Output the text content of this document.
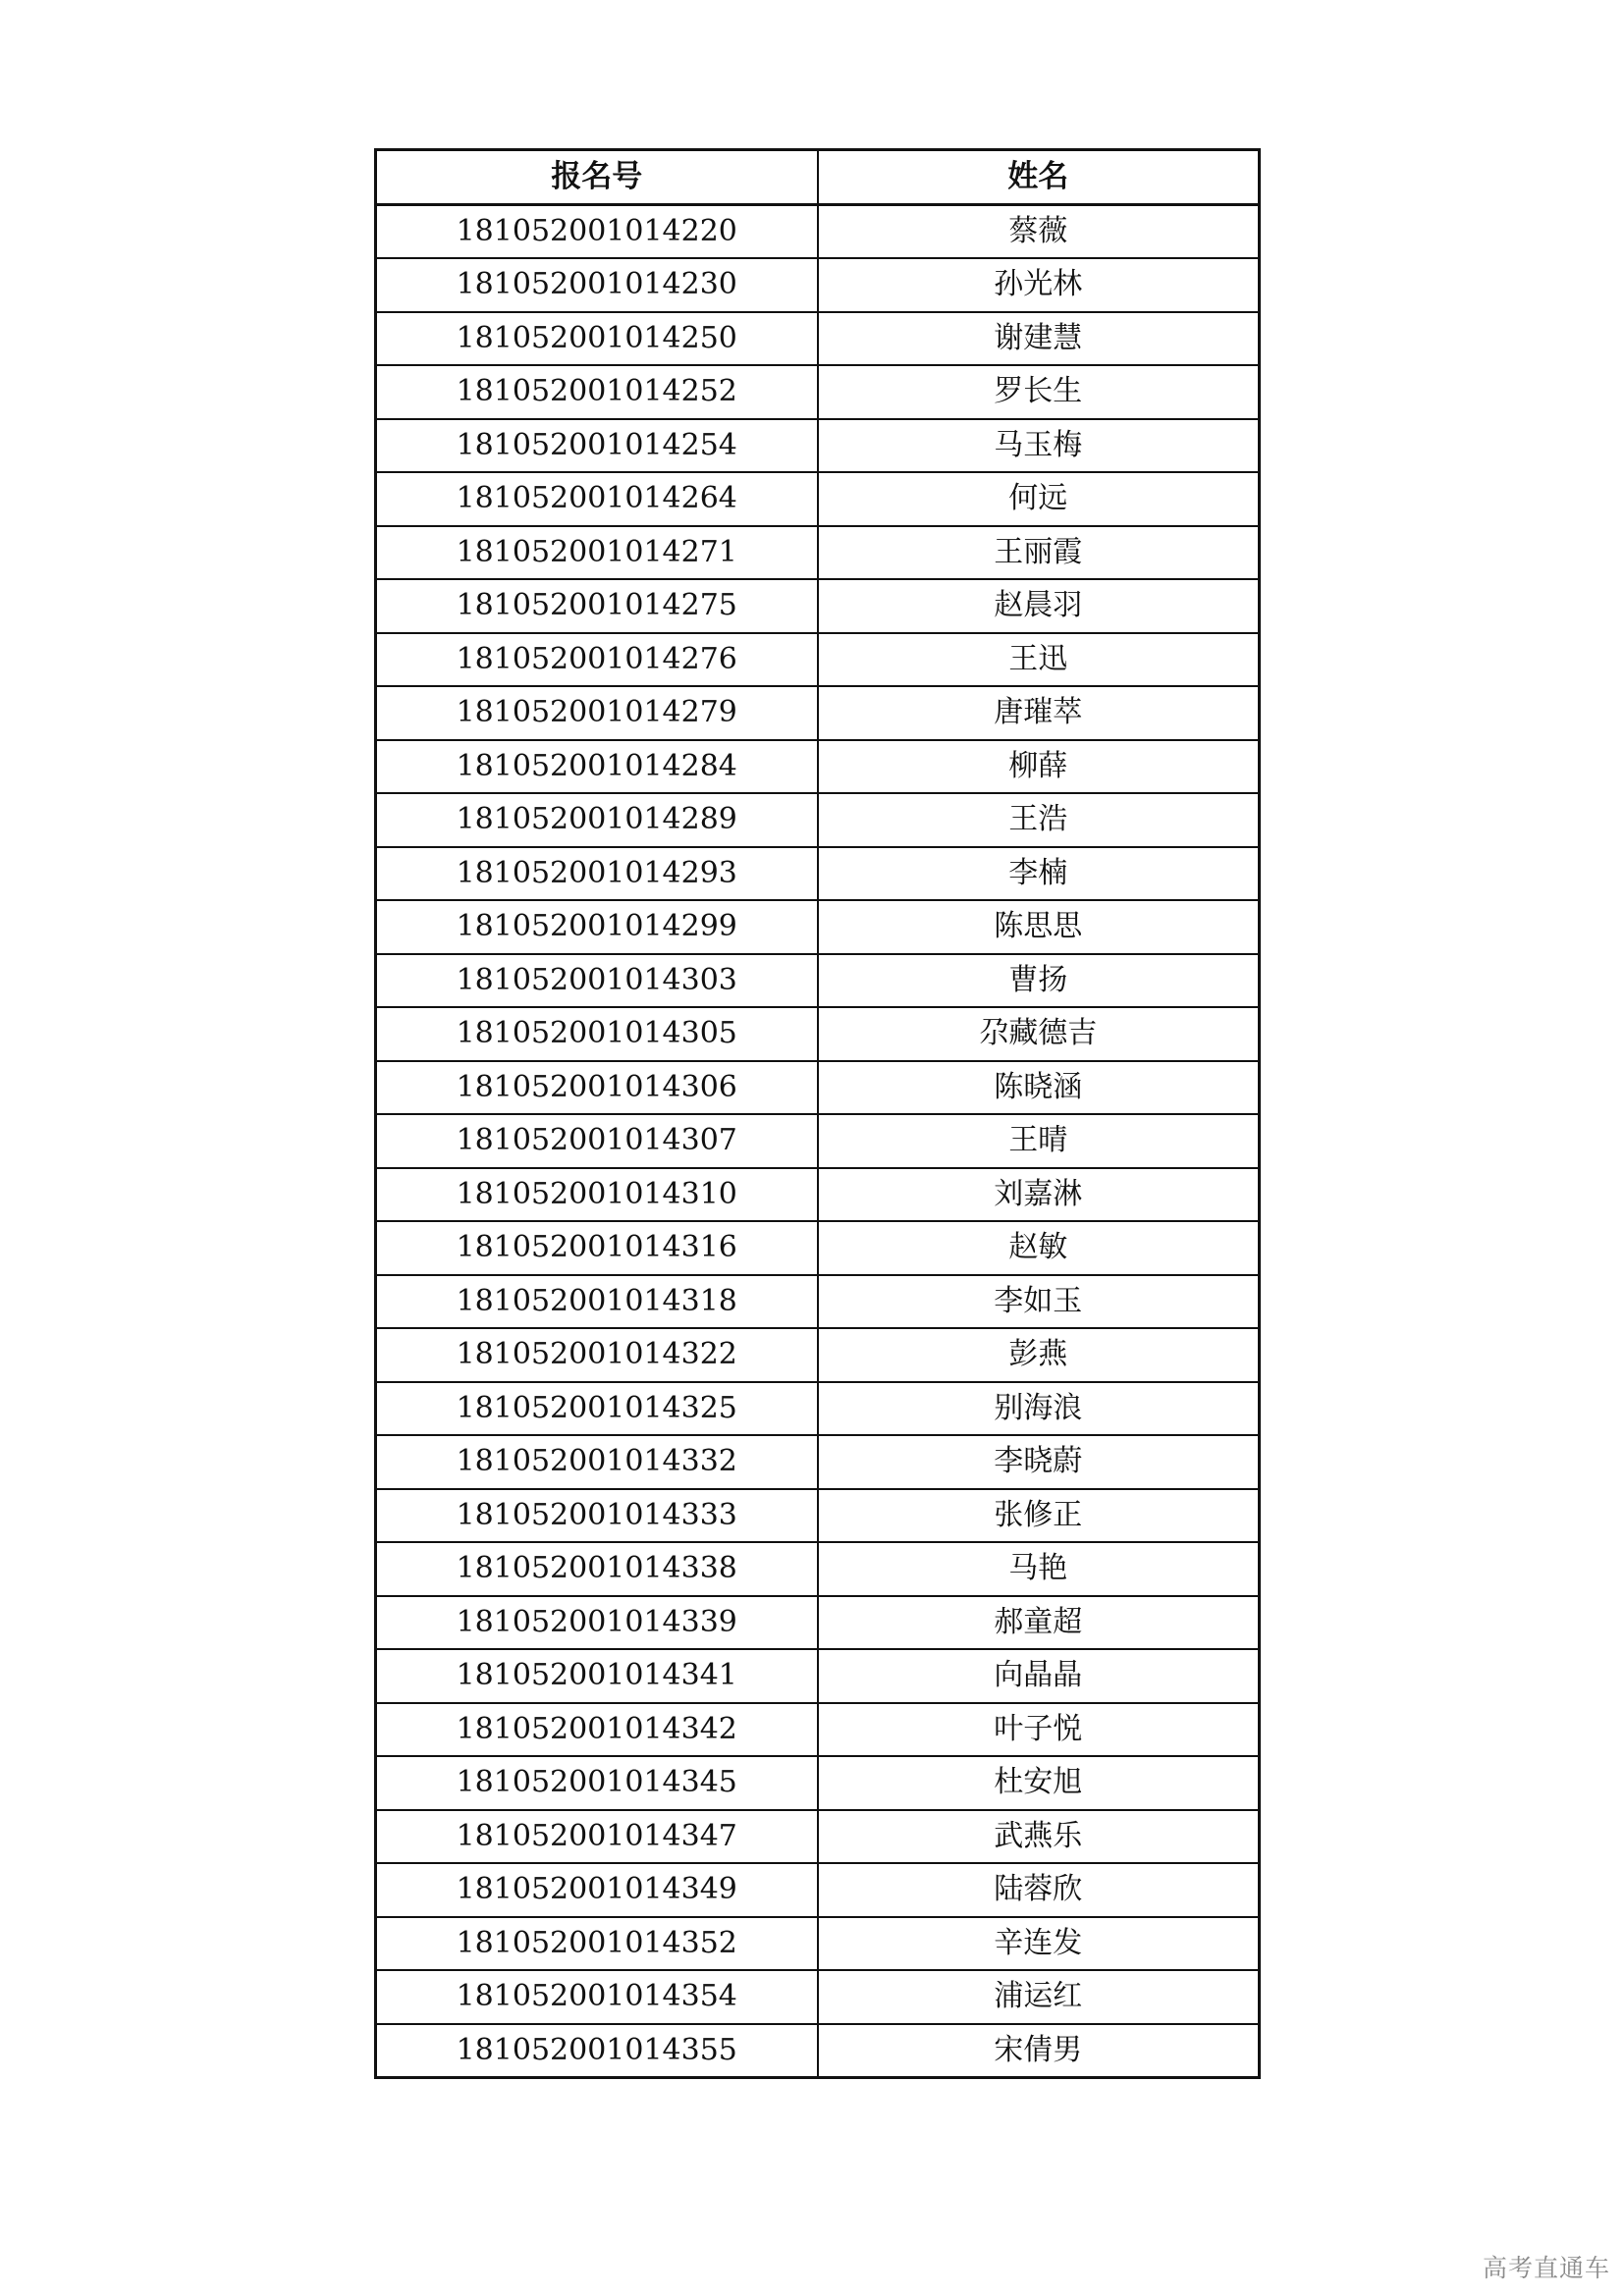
报名号	姓名
181052001014220	蔡薇
181052001014230	孙光林
181052001014250	谢建慧
181052001014252	罗长生
181052001014254	马玉梅
181052001014264	何远
181052001014271	王丽霞
181052001014275	赵晨羽
181052001014276	王迅
181052001014279	唐璀萃
181052001014284	柳薛
181052001014289	王浩
181052001014293	李楠
181052001014299	陈思思
181052001014303	曹扬
181052001014305	尕藏德吉
181052001014306	陈晓涵
181052001014307	王晴
181052001014310	刘嘉淋
181052001014316	赵敏
181052001014318	李如玉
181052001014322	彭燕
181052001014325	别海浪
181052001014332	李晓蔚
181052001014333	张修正
181052001014338	马艳
181052001014339	郝童超
181052001014341	向晶晶
181052001014342	叶子悦
181052001014345	杜安旭
181052001014347	武燕乐
181052001014349	陆蓉欣
181052001014352	辛连发
181052001014354	浦运红
181052001014355	宋倩男
高考直通车
